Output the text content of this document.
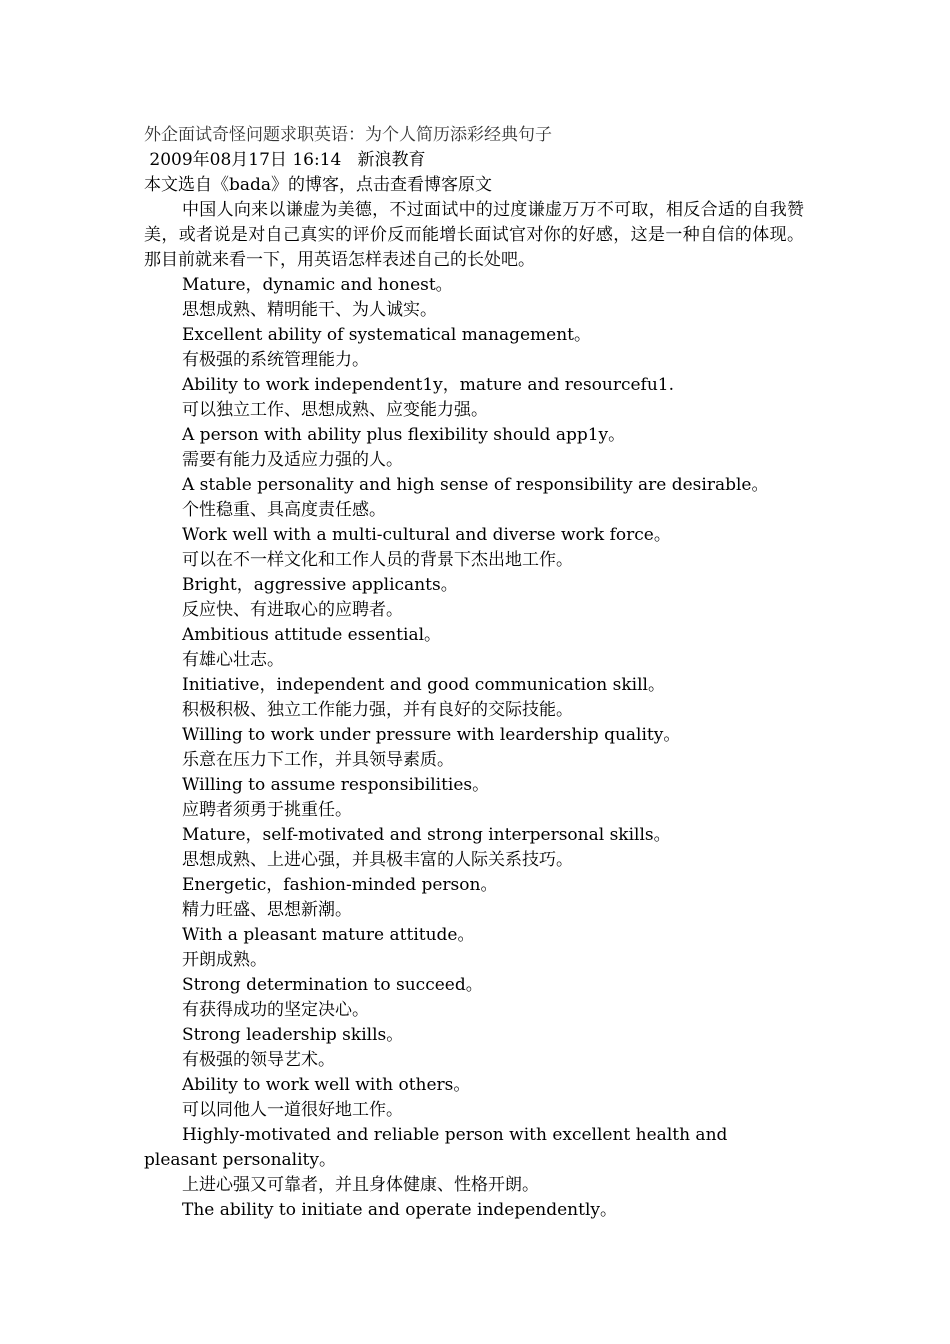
外企面试奇怪问题求职英语：为个人简历添彩经典句子
2009年08月17日 16:14   新浪教育
本文选自《bada》的博客，点击查看博客原文

中国人向来以谦虚为美德，不过面试中的过度谦虚万万不可取，相反合适的自我赞美，或者说是对自己真实的评价反而能增长面试官对你的好感，这是一种自信的体现。那目前就来看一下，用英语怎样表述自己的长处吧。

Mature，dynamic and honest。
思想成熟、精明能干、为人诚实。
Excellent ability of systematical management。
有极强的系统管理能力。
Ability to work independent1y，mature and resourcefu1.
可以独立工作、思想成熟、应变能力强。
A person with ability plus flexibility should app1y。
需要有能力及适应力强的人。
A stable personality and high sense of responsibility are desirable。
个性稳重、具高度责任感。
Work well with a multi-cultural and diverse work force。
可以在不一样文化和工作人员的背景下杰出地工作。
Bright，aggressive applicants。
反应快、有进取心的应聘者。
Ambitious attitude essential。
有雄心壮志。
Initiative，independent and good communication skill。
积极积极、独立工作能力强，并有良好的交际技能。
Willing to work under pressure with leardership quality。
乐意在压力下工作，并具领导素质。
Willing to assume responsibilities。
应聘者须勇于挑重任。
Mature，self-motivated and strong interpersonal skills。
思想成熟、上进心强，并具极丰富的人际关系技巧。
Energetic，fashion-minded person。
精力旺盛、思想新潮。
With a pleasant mature attitude。
开朗成熟。
Strong determination to succeed。
有获得成功的坚定决心。
Strong leadership skills。
有极强的领导艺术。
Ability to work well with others。
可以同他人一道很好地工作。

Highly-motivated and reliable person with excellent health and pleasant personality。

上进心强又可靠者，并且身体健康、性格开朗。
The ability to initiate and operate independently。
